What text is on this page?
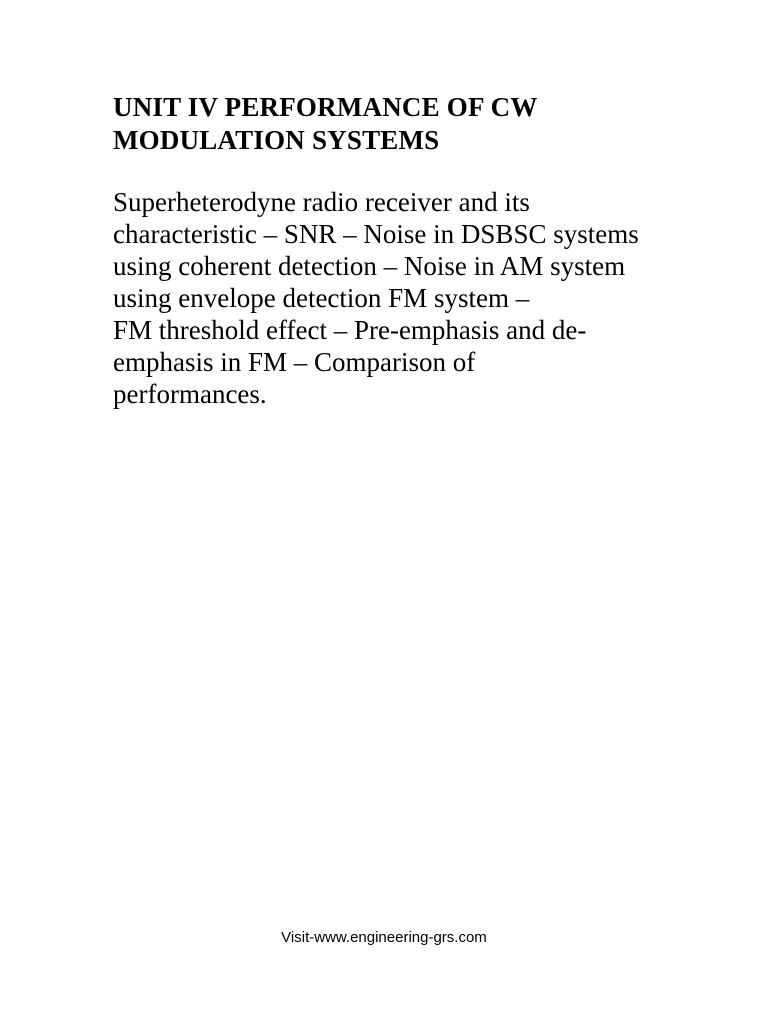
UNIT IV PERFORMANCE OF CW
MODULATION SYSTEMS

Superheterodyne radio receiver and its
characteristic – SNR – Noise in DSBSC systems
using coherent detection – Noise in AM system
using envelope detection FM system –
FM threshold effect – Pre-emphasis and de-
emphasis in FM – Comparison of
performances.

Visit-www.engineering-grs.com
